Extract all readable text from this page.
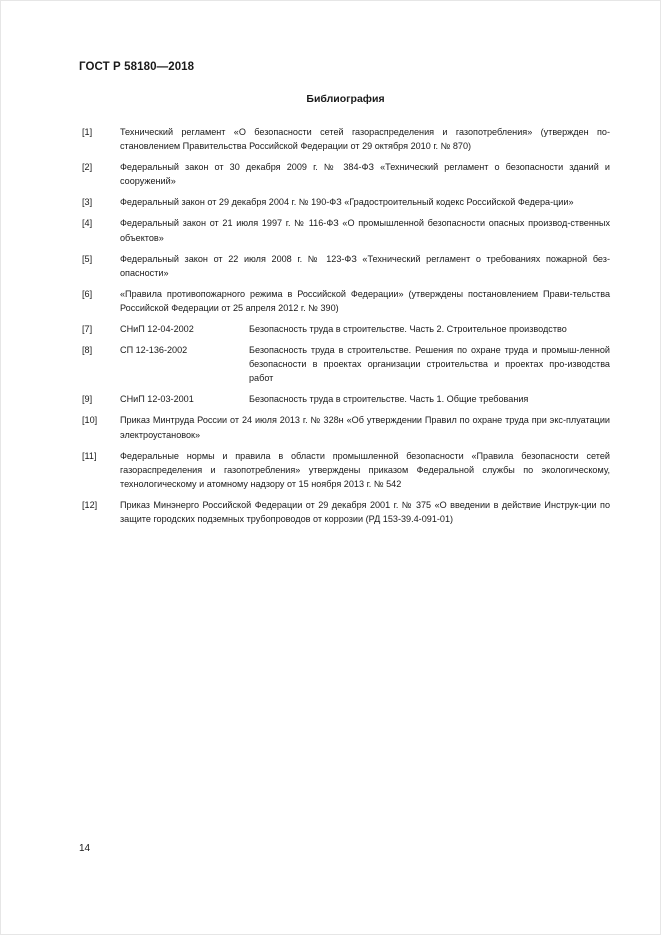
ГОСТ Р 58180—2018
Библиография
[1]	Технический регламент «О безопасности сетей газораспределения и газопотребления» (утвержден по-становлением Правительства Российской Федерации от 29 октября 2010 г. № 870)
[2]	Федеральный закон от 30 декабря 2009 г. № 384-ФЗ «Технический регламент о безопасности зданий и сооружений»
[3]	Федеральный закон от 29 декабря 2004 г. № 190-ФЗ «Градостроительный кодекс Российской Федера-ции»
[4]	Федеральный закон от 21 июля 1997 г. № 116-ФЗ «О промышленной безопасности опасных производ-ственных объектов»
[5]	Федеральный закон от 22 июля 2008 г. № 123-ФЗ «Технический регламент о требованиях пожарной без-опасности»
[6]	«Правила противопожарного режима в Российской Федерации» (утверждены постановлением Прави-тельства Российской Федерации от 25 апреля 2012 г. № 390)
[7]	СНиП 12-04-2002	Безопасность труда в строительстве. Часть 2. Строительное производство
[8]	СП 12-136-2002	Безопасность труда в строительстве. Решения по охране труда и промыш-ленной безопасности в проектах организации строительства и проектах про-изводства работ
[9]	СНиП 12-03-2001	Безопасность труда в строительстве. Часть 1. Общие требования
[10]	Приказ Минтруда России от 24 июля 2013 г. № 328н «Об утверждении Правил по охране труда при экс-плуатации электроустановок»
[11]	Федеральные нормы и правила в области промышленной безопасности «Правила безопасности сетей газораспределения и газопотребления» утверждены приказом Федеральной службы по экологическому, технологическому и атомному надзору от 15 ноября 2013 г. № 542
[12]	Приказ Минэнерго Российской Федерации от 29 декабря 2001 г. № 375 «О введении в действие Инструк-ции по защите городских подземных трубопроводов от коррозии (РД 153-39.4-091-01)
14
